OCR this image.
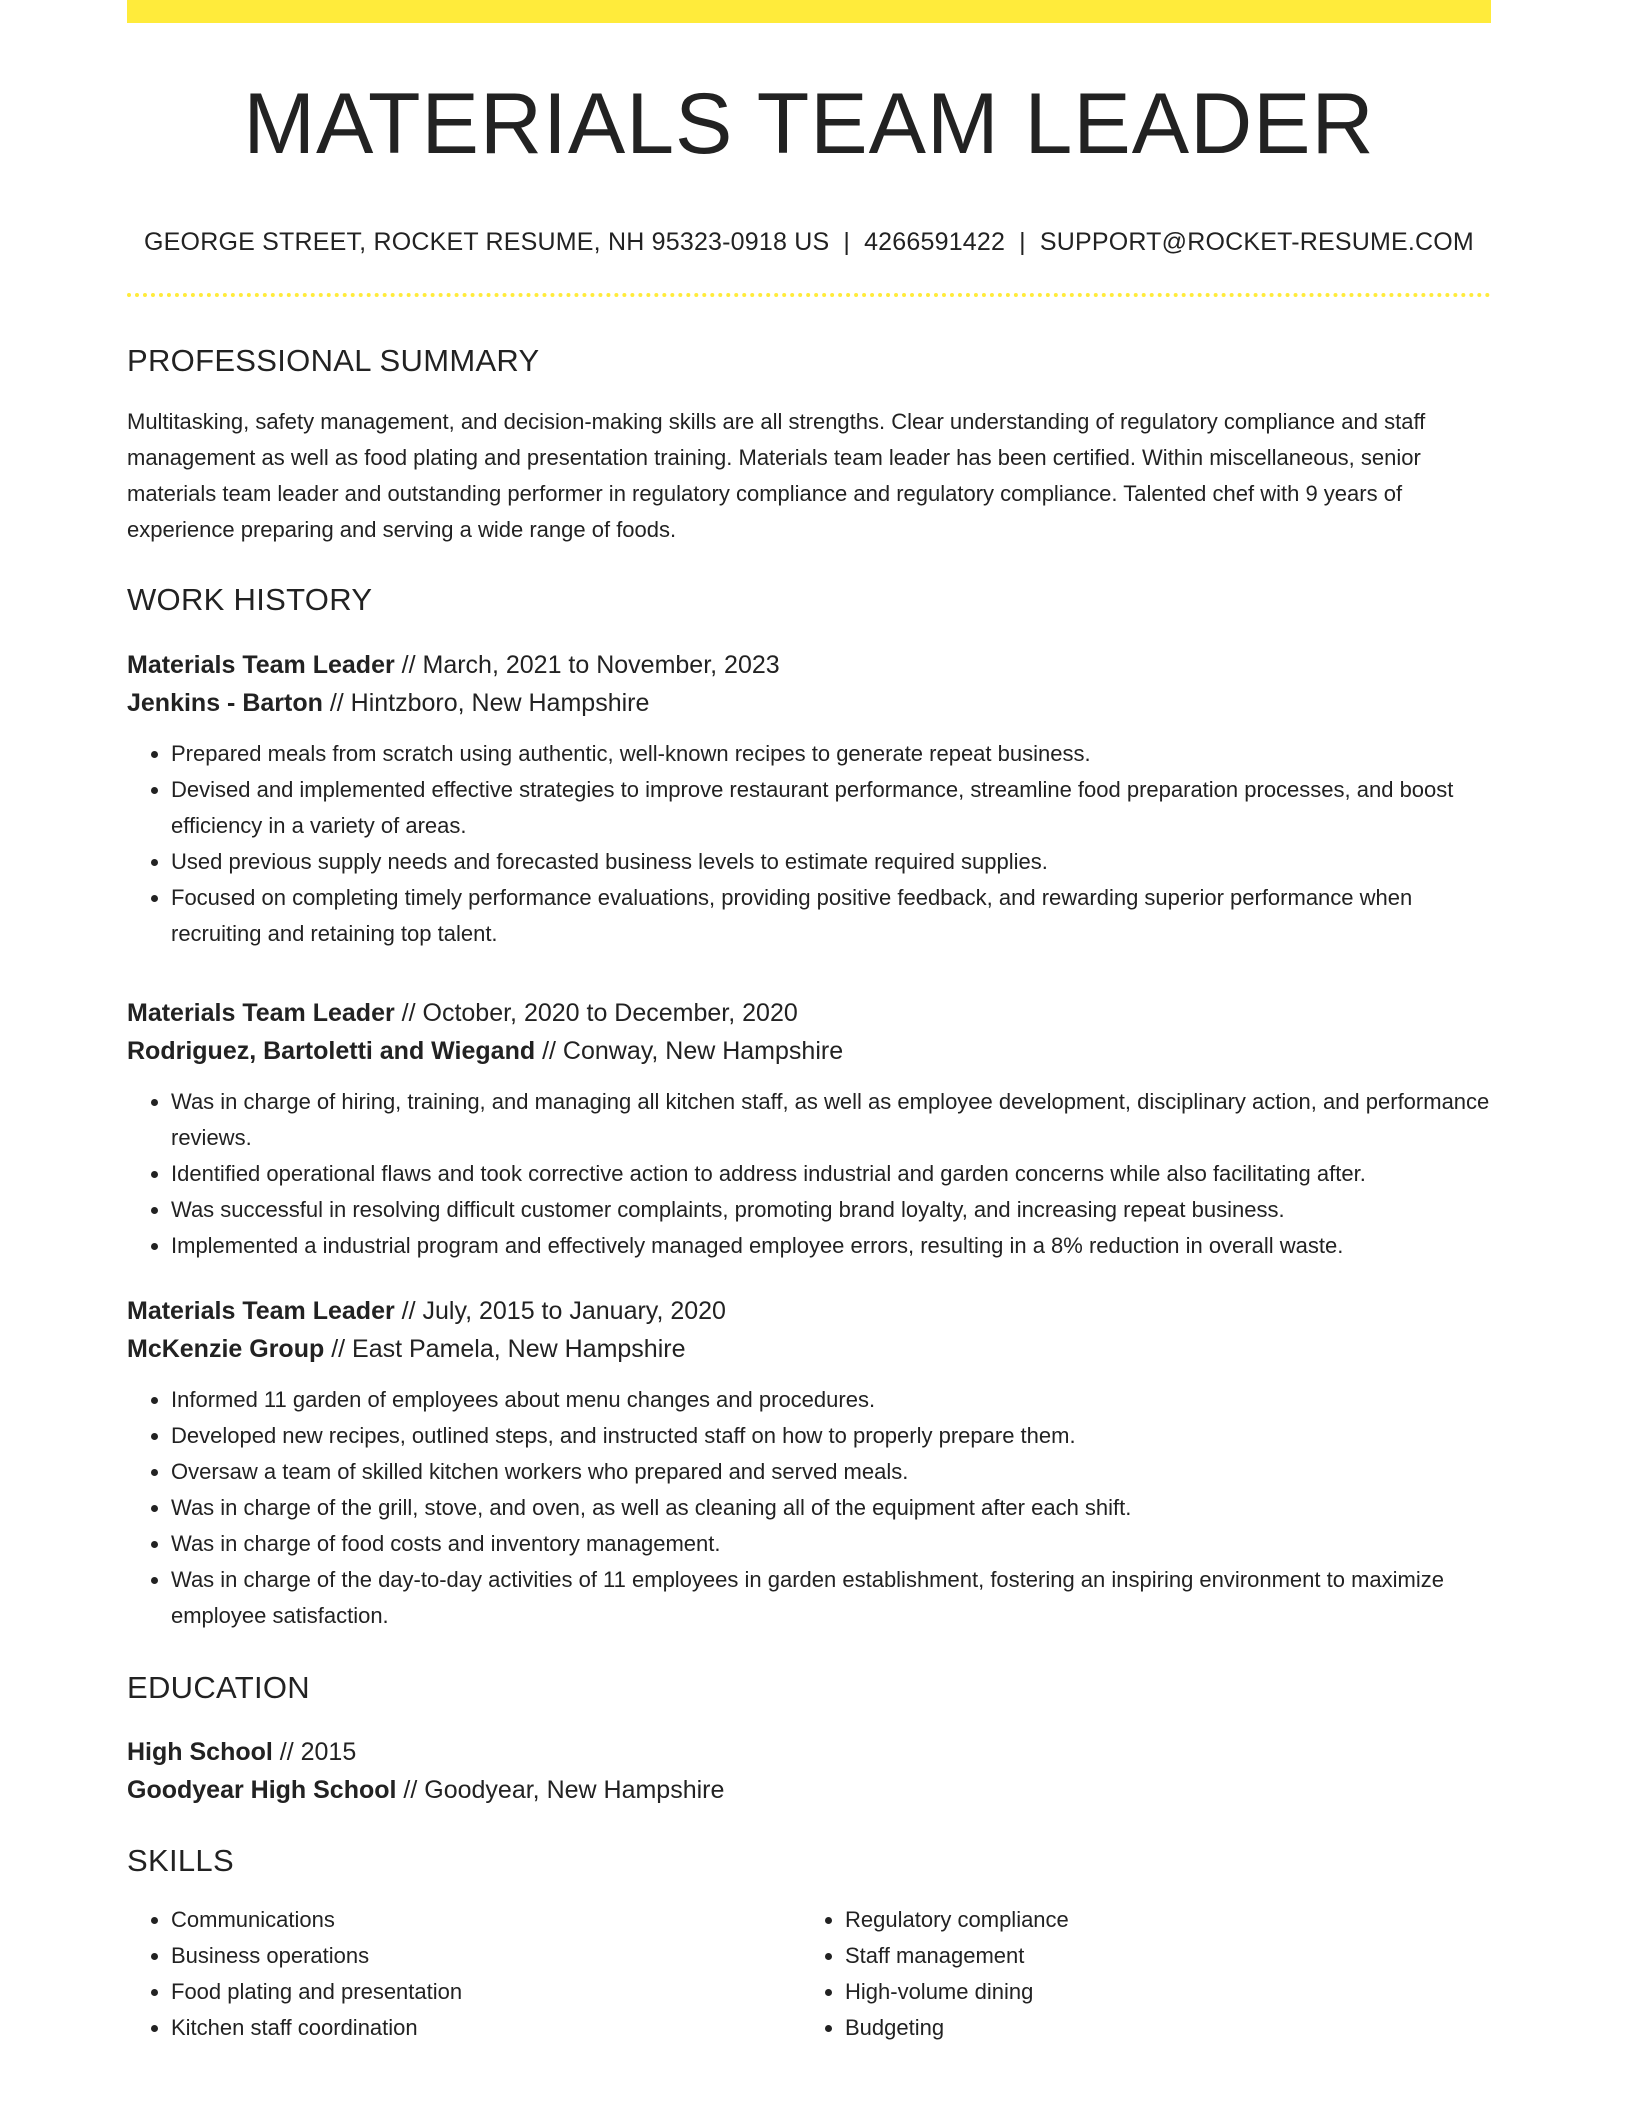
MATERIALS TEAM LEADER
GEORGE STREET, ROCKET RESUME, NH 95323-0918 US | 4266591422 | SUPPORT@ROCKET-RESUME.COM
PROFESSIONAL SUMMARY
Multitasking, safety management, and decision-making skills are all strengths. Clear understanding of regulatory compliance and staff management as well as food plating and presentation training. Materials team leader has been certified. Within miscellaneous, senior materials team leader and outstanding performer in regulatory compliance and regulatory compliance. Talented chef with 9 years of experience preparing and serving a wide range of foods.
WORK HISTORY
Materials Team Leader // March, 2021 to November, 2023
Jenkins - Barton // Hintzboro, New Hampshire
• Prepared meals from scratch using authentic, well-known recipes to generate repeat business.
• Devised and implemented effective strategies to improve restaurant performance, streamline food preparation processes, and boost efficiency in a variety of areas.
• Used previous supply needs and forecasted business levels to estimate required supplies.
• Focused on completing timely performance evaluations, providing positive feedback, and rewarding superior performance when recruiting and retaining top talent.
Materials Team Leader // October, 2020 to December, 2020
Rodriguez, Bartoletti and Wiegand // Conway, New Hampshire
• Was in charge of hiring, training, and managing all kitchen staff, as well as employee development, disciplinary action, and performance reviews.
• Identified operational flaws and took corrective action to address industrial and garden concerns while also facilitating after.
• Was successful in resolving difficult customer complaints, promoting brand loyalty, and increasing repeat business.
• Implemented a industrial program and effectively managed employee errors, resulting in a 8% reduction in overall waste.
Materials Team Leader // July, 2015 to January, 2020
McKenzie Group // East Pamela, New Hampshire
• Informed 11 garden of employees about menu changes and procedures.
• Developed new recipes, outlined steps, and instructed staff on how to properly prepare them.
• Oversaw a team of skilled kitchen workers who prepared and served meals.
• Was in charge of the grill, stove, and oven, as well as cleaning all of the equipment after each shift.
• Was in charge of food costs and inventory management.
• Was in charge of the day-to-day activities of 11 employees in garden establishment, fostering an inspiring environment to maximize employee satisfaction.
EDUCATION
High School // 2015
Goodyear High School // Goodyear, New Hampshire
SKILLS
• Communications
• Business operations
• Food plating and presentation
• Kitchen staff coordination
• Regulatory compliance
• Staff management
• High-volume dining
• Budgeting
